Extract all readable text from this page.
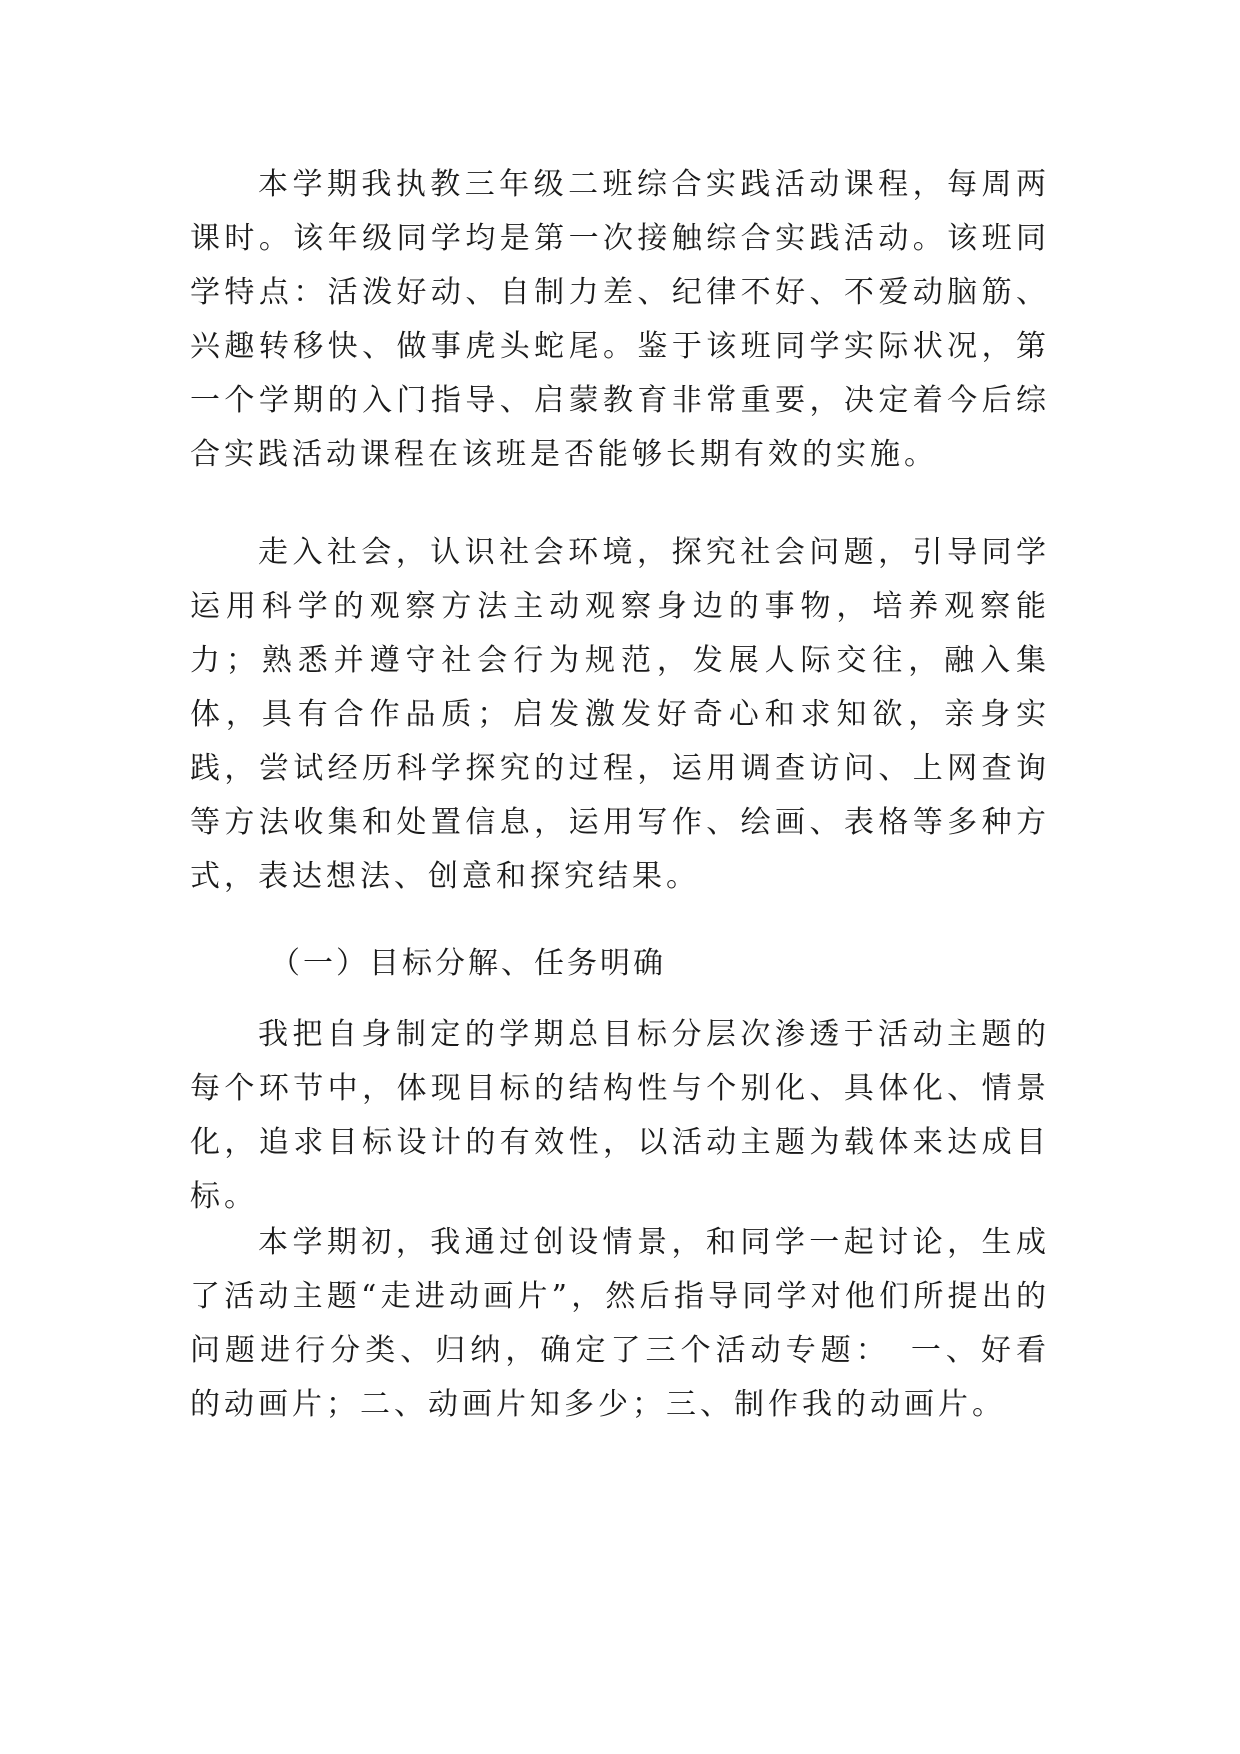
本学期我执教三年级二班综合实践活动课程，每周两课时。该年级同学均是第一次接触综合实践活动。该班同学特点：活泼好动、自制力差、纪律不好、不爱动脑筋、兴趣转移快、做事虎头蛇尾。鉴于该班同学实际状况，第一个学期的入门指导、启蒙教育非常重要，决定着今后综合实践活动课程在该班是否能够长期有效的实施。

走入社会，认识社会环境，探究社会问题，引导同学运用科学的观察方法主动观察身边的事物，培养观察能力；熟悉并遵守社会行为规范，发展人际交往，融入集体，具有合作品质；启发激发好奇心和求知欲，亲身实践，尝试经历科学探究的过程，运用调查访问、上网查询等方法收集和处置信息，运用写作、绘画、表格等多种方式，表达想法、创意和探究结果。

（一）目标分解、任务明确

我把自身制定的学期总目标分层次渗透于活动主题的每个环节中，体现目标的结构性与个别化、具体化、情景化，追求目标设计的有效性，以活动主题为载体来达成目标。

本学期初，我通过创设情景，和同学一起讨论，生成了活动主题“走进动画片”，然后指导同学对他们所提出的问题进行分类、归纳，确定了三个活动专题：　一、好看的动画片；二、动画片知多少；三、制作我的动画片。
